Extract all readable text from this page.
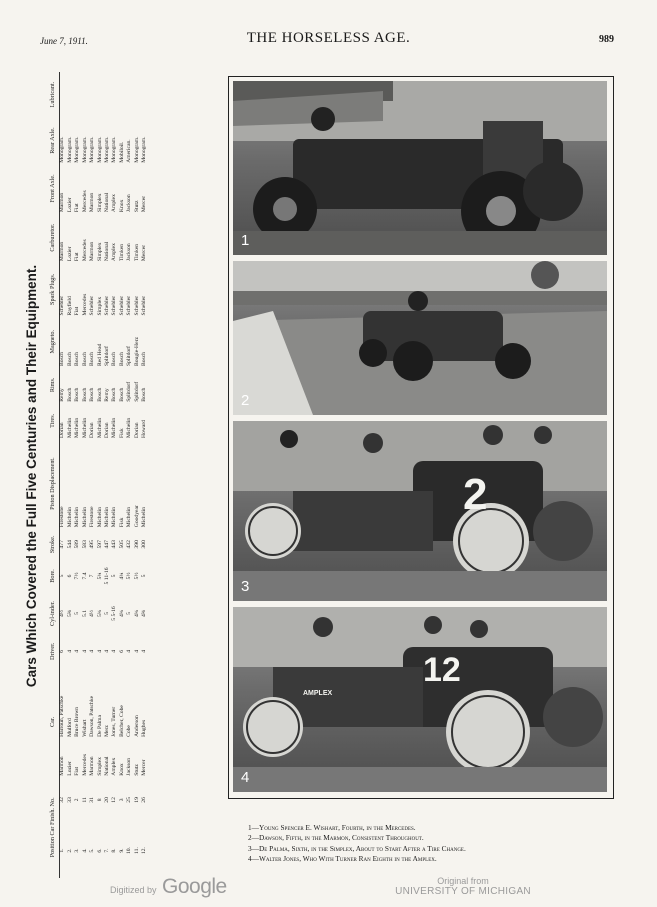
June 7, 1911.	THE HORSELESS AGE.	989
Cars Which Covered the Full Five Centuries and Their Equipment.
Position Car Finish. No.		Car.		Driver.	Cyl-inder.	Bore.	Stroke.	Piston Displacement.	Tires.	Rims.	Magneto.	Spark Plugs.	Carburetor.	Front Axle.	Rear Axle.	Lubricant.
1.	32	Marmon	Harroun, Patschke	6	4½	5	477	Firestone	Dorian	Remy	Bosch	Schebler	Marmon	Marmon	Monogram.	
2.	33	Lozier	Mulford	4	5⅜	6	544	Michelin	Michelin	Bosch	Bosch	Rayfield	Lozier	Lozier	Monogram.	
3.	2	Fiat	Bruce Brown	4	5	7½	589	Michelin	Michelin	Bosch	Bosch	Fiat	Fiat	Fiat	Monogram.	
4.	11	Mercedes	Wishart	4	5.1	7.4	583	Michelin	Michelin	Bosch	Bosch	Mercedes	Mercedes	Mercedes	Monogram.	
5.	31	Marmon	Dawson, Patschke	4	4½	7	495	Firestone	Dorian	Bosch	Bosch	Schebler	Marmon	Marmon	Monogram.	
6.	8	Simplex	De Palma	4	5¾	5¾	597	Michelin	Michelin	Bosch	Red Head	Simplex	Simplex	Simplex	Monogram.	
7.	20	National	Merz	4	5	5 11-16	447	Michelin	Dorian	Remy	Splitdorf	Schebler	National	National	Monogram.	
8.	12	Amplex	Jones, Turner	4	5 5-16	5	443	Michelin	Michelin	Bosch	Bosch	Schebler	Amplex	Amplex	Monogram.	
9.	3	Knox	Belcher, Cobe	6	4¾	4¾	505	Fisk	Fisk	Bosch	Bosch	Schebler	Timken	Knox	Mobiloil.	
10.	25	Jackson	Cobe	4	5	5½	432	Michelin	Michelin	Splitdorf	Splitdorf	Schebler	Jackson	Jackson	American.	
11.	19	Stutz	Anderson	4	4¾	5½	390	Goodyear	Dorian	Splitdorf	Bougie-Herz	Schebler	Timken	Stutz	Monogram.	
12.	26	Mercer	Hughes	4	4⅜	5	300	Michelin	Howard	Bosch	Bosch	Schebler	Mercer	Mercer	Monogram.	
1
2
2
3
12
AMPLEX
4
1—Young Spencer E. Wishart, Fourth, in the Mercedes.
2—Dawson, Fifth, in the Marmon, Consistent Throughout.
3—De Palma, Sixth, in the Simplex, About to Start After a Tire Change.
4—Walter Jones, Who With Turner Ran Eighth in the Amplex.
Digitized by Google	Original from
UNIVERSITY OF MICHIGAN
